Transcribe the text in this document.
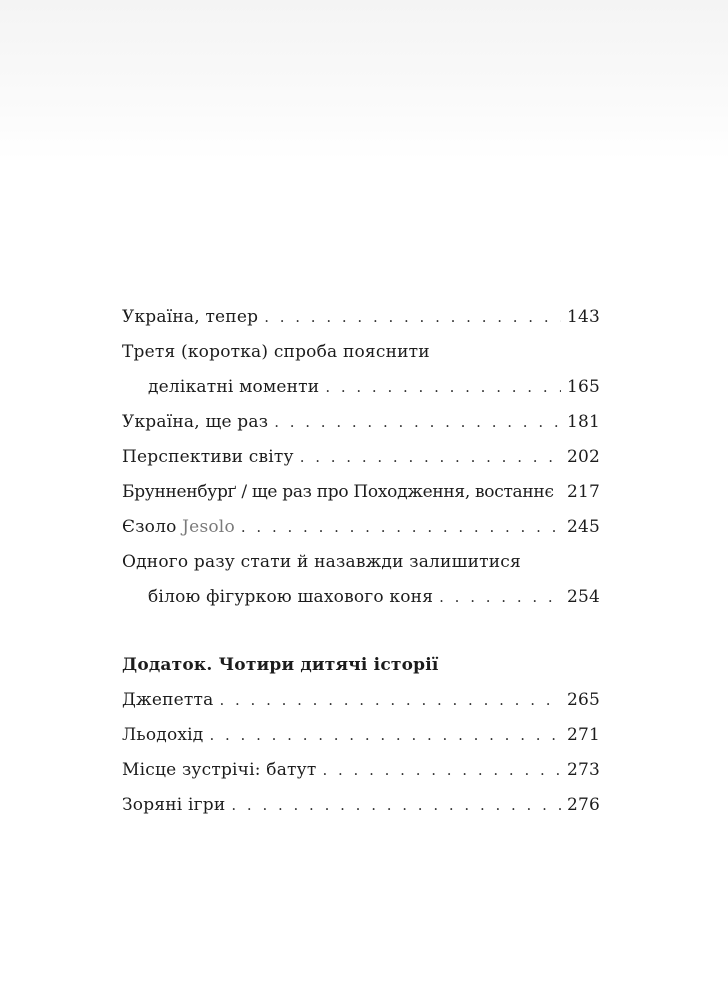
Україна, тепер . . .	143
Третя (коротка) спроба пояснити
делікатні моменти . . .	165
Україна, ще раз . . .	181
Перспективи світу . . .	202
Брунненбурґ / ще раз про Походження, востаннє . . . 217
Єзоло Jesolo . . .	245
Одного разу стати й назавжди залишитися
білою фігуркою шахового коня . . .	254
Додаток. Чотири дитячі історії
Джепетта . . .	265
Льодохід . . .	271
Місце зустрічі: батут . . .	273
Зоряні ігри . . .	276
